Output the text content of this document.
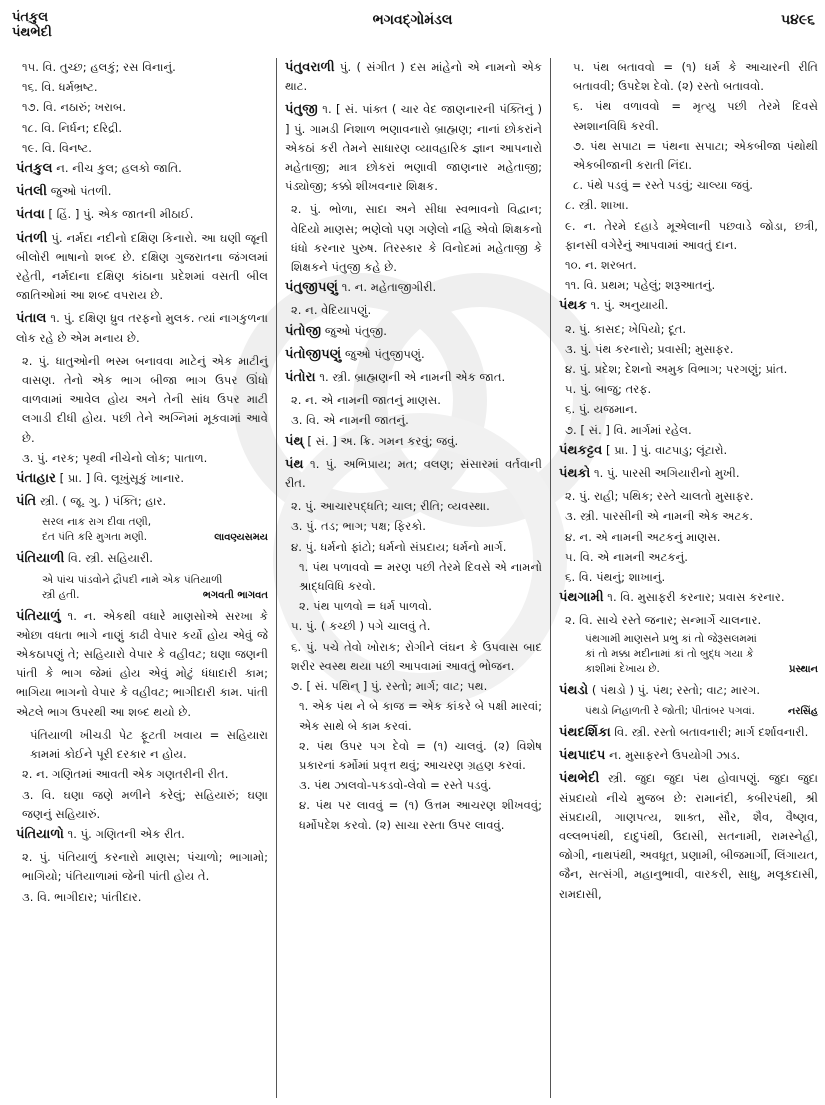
પંતકુલ
પંથભેદી
ભગવદ્ગોમંડલ	૫૪૯૬
૧૫. વિ. તુચ્છ; હલકું; રસ વિનાનું.
૧૬. વિ. ધર્મભ્રષ્ટ.
૧૭. વિ. નઠારું; ખરાબ.
૧૮. વિ. નિર્ધન; દરિદ્રી.
૧૯. વિ. વિનષ્ટ.
પંતકુલ ન. નીચ કુલ; હલકો જાતિ.
પંતલી જુઓ પંતળી.
પંતવા [ હિં. ] પું. એક જાતની મીઠાઈ.
પંતળી પું. નર્મદા નદીનો દક્ષિણ કિનારો. આ ઘણી જૂની બીલોરી ભાષાનો શબ્દ છે. દક્ષિણ ગુજરાતના જંગલમાં રહેતી, નર્મદાના દક્ષિણ કાંઠાના પ્રદેશમાં વસતી બીલ જાતિઓમાં આ શબ્દ વપરાય છે.
પંતાલ ૧. પું. દક્ષિણ ધ્રુવ તરફનો મુલક. ત્યાં નાગકુળના લોક રહે છે એમ મનાય છે.
૨. પું. ધાતુઓની ભસ્મ બનાવવા માટેનું એક માટીનું વાસણ. તેનો એક ભાગ બીજા ભાગ ઉપર ઊંધો વાળવામાં આવેલ હોય અને તેની સાંધ ઉપર માટી લગાડી દીધી હોય. પછી તેને અગ્નિમાં મૂકવામાં આવે છે.
૩. પું. નરક; પૃથ્વી નીચેનો લોક; પાતાળ.
પંતાહાર [ પ્રા. ] વિ. લૂખુંસૂકું ખાનાર.
પંતિ સ્ત્રી. ( જૂ. ગુ. ) પંક્તિ; હાર.
સરલ નાક રાગ દીવા તણી,
લાવણ્યસમય
દંત પંતિ કરિ મુગતા મણી.
પંતિયાળી વિ. સ્ત્રી. સહિયારી.
એ પાંચ પાંડવોને દ્રૌપદી નામે એક પંતિયાળી
ભગવતી ભાગવત
સ્ત્રી હતી.
પંતિયાળું ૧. ન. એકથી વધારે માણસોએ સરખા કે ઓછા વધતા ભાગે નાણું કાઢી વેપાર કર્યો હોય એવું જે એકઠાપણું તે; સહિયારો વેપાર કે વહીવટ; ઘણા જણની પાંતી કે ભાગ જેમાં હોય એવું મોટું ધંધાદારી કામ; ભાગિયા ભાગનો વેપાર કે વહીવટ; ભાગીદારી કામ. પાંતી એટલે ભાગ ઉપરથી આ શબ્દ થયો છે.
પંતિયાળી ખીચડી પેટ ફૂટતી ખવાય = સહિયારા કામમાં કોઈને પૂરી દરકાર ન હોય.
૨. ન. ગણિતમાં આવતી એક ગણતરીની રીત.
૩. વિ. ઘણા જણે મળીને કરેલું; સહિયારું; ઘણા જણનું સહિયારું.
પંતિયાળો ૧. પું. ગણિતની એક રીત.
૨. પું. પંતિયાળું કરનારો માણસ; પંચાળો; ભાગામો; ભાગિયો; પંતિયાળામાં જેની પાંતી હોય તે.
૩. વિ. ભાગીદાર; પાંતીદાર.
પંતુવરાળી પું. ( સંગીત ) દસ માંહેનો એ નામનો એક થાટ.
પંતુજી ૧. [ સં. પાંક્ત ( ચાર વેદ જાણનારની પંક્તિનું ) ] પું. ગામડી નિશાળ ભણાવનારો બ્રાહ્મણ; નાનાં છોકરાંને એકઠાં કરી તેમને સાધારણ વ્યાવહારિક જ્ઞાન આપનારો મહેતાજી; માત્ર છોકરાં ભણાવી જાણનાર મહેતાજી; પંડ્યોજી; કક્કો શીખવનાર શિક્ષક.
૨. પું. ભોળા, સાદા અને સીધા સ્વભાવનો વિદ્વાન; વેદિયો માણસ; ભણેલો પણ ગણેલો નહિ એવો શિક્ષકનો ધંધો કરનાર પુરુષ. તિરસ્કાર કે વિનોદમાં મહેતાજી કે શિક્ષકને પંતુજી કહે છે.
પંતુજીપણું ૧. ન. મહેતાજીગીરી.
૨. ન. વેદિયાપણું.
પંતોજી જુઓ પંતુજી.
પંતોજીપણું જુઓ પંતુજીપણું.
પંતોરા ૧. સ્ત્રી. બ્રાહ્મણની એ નામની એક જાત.
૨. ન. એ નામની જાતનું માણસ.
૩. વિ. એ નામની જાતનું.
પંથ્ [ સં. ] અ. ક્રિ. ગમન કરવું; જવું.
પંથ ૧. પું. અભિપ્રાય; મત; વલણ; સંસારમાં વર્તવાની રીત.
૨. પું. આચારપદ્ધતિ; ચાલ; રીતિ; વ્યવસ્થા.
૩. પું. તડ; ભાગ; પક્ષ; ફિરકો.
૪. પું. ધર્મનો ફાંટો; ધર્મનો સંપ્રદાય; ધર્મનો માર્ગ.
૧. પંથ પળાવવો = મરણ પછી તેરમે દિવસે એ નામનો શ્રાદ્ધવિધિ કરવો.
૨. પંથ પાળવો = ધર્મ પાળવો.
૫. પું. ( કચ્છી ) પગે ચાલવું તે.
૬. પું. પચે તેવો ખોરાક; રોગીને લંઘન કે ઉપવાસ બાદ શરીર સ્વસ્થ થયા પછી આપવામાં આવતું ભોજન.
૭. [ સં. પથિન્ ] પું. રસ્તો; માર્ગ; વાટ; પથ.
૧. એક પંથ ને બે કાજ = એક કાંકરે બે પક્ષી મારવાં; એક સાથે બે કામ કરવાં.
૨. પંથ ઉપર પગ દેવો = (૧) ચાલવું. (૨) વિશેષ પ્રકારનાં કર્મોમાં પ્રવૃત્ત થવું; આચરણ ગ્રહણ કરવાં.
૩. પંથ ઝાલવો-પકડવો-લેવો = રસ્તે પડવું.
૪. પંથ પર લાવવું = (૧) ઉત્તમ આચરણ શીખવવું; ધર્મોપદેશ કરવો. (૨) સાચા રસ્તા ઉપર લાવવું.
૫. પંથ બતાવવો = (૧) ધર્મ કે આચારની રીતિ બતાવવી; ઉપદેશ દેવો. (૨) રસ્તો બતાવવો.
૬. પંથ વળાવવો = મૃત્યુ પછી તેરમે દિવસે સ્મશાનવિધિ કરવી.
૭. પંથ સપાટા = પંથના સપાટા; એકબીજા પંથોથી એકબીજાની કરાતી નિંદા.
૮. પંથે પડવું = રસ્તે પડવું; ચાલ્યા જવું.
૮. સ્ત્રી. શાખા.
૯. ન. તેરમે દહાડે મૂએલાની પછવાડે જોડા, છત્રી, ફાનસી વગેરેનું આપવામાં આવતું દાન.
૧૦. ન. શરબત.
૧૧. વિ. પ્રથમ; પહેલું; શરૂઆતનું.
પંથક ૧. પું. અનુયાયી.
૨. પું. કાસદ; ખેપિયો; દૂત.
૩. પું. પંથ કરનારો; પ્રવાસી; મુસાફર.
૪. પું. પ્રદેશ; દેશનો અમુક વિભાગ; પરગણું; પ્રાંત.
૫. પું. બાજુ; તરફ.
૬. પું. યજમાન.
૭. [ સં. ] વિ. માર્ગમાં રહેલ.
પંથકટ્ટવ [ પ્રા. ] પું. વાટપાડુ; લૂંટારો.
પંથકો ૧. પું. પારસી અગિયારીનો મુખી.
૨. પું. રાહી; પથિક; રસ્તે ચાલતો મુસાફર.
૩. સ્ત્રી. પારસીની એ નામની એક અટક.
૪. ન. એ નામની અટકનું માણસ.
૫. વિ. એ નામની અટકનું.
૬. વિ. પંથનું; શાખાનું.
પંથગામી ૧. વિ. મુસાફરી કરનાર; પ્રવાસ કરનાર.
૨. વિ. સાચે રસ્તે જનાર; સન્માર્ગે ચાલનાર.
પંથગામી માણસને પ્રભુ કાં તો જેરૂસલમમાં
કાં તો મક્કા મદીનામાં કાં તો બુદ્ધ ગયા કે
પ્રસ્થાન
કાશીમાં દેખાય છે.
પંથડો ( પંથડો ) પું. પંથ; રસ્તો; વાટ; મારગ.
નરસિંહ
પંથડો નિહાળતી રે જોતી; પીતાંબર પગવાં.
પંથદર્શિકા વિ. સ્ત્રી. રસ્તો બતાવનારી; માર્ગ દર્શાવનારી.
પંથપાદપ ન. મુસાફરને ઉપયોગી ઝાડ.
પંથભેદી સ્ત્રી. જુદા જુદા પંથ હોવાપણું. જુદા જુદા સંપ્રદાયો નીચે મુજબ છે: રામાનંદી, કબીરપંથી, શ્રી સંપ્રદાયી, ગાણપત્ય, શાક્ત, સૌર, શૈવ, વૈષ્ણવ, વલ્લભપંથી, દાદુપંથી, ઉદાસી, સતનામી, રામસ્નેહી, જોગી, નાથપંથી, અવધૂત, પ્રણામી, બીજમાર્ગી, લિંગાયત, જૈન, સત્સંગી, મહાનુભાવી, વારકરી, સાધુ, મલૂકદાસી, રામદાસી,
